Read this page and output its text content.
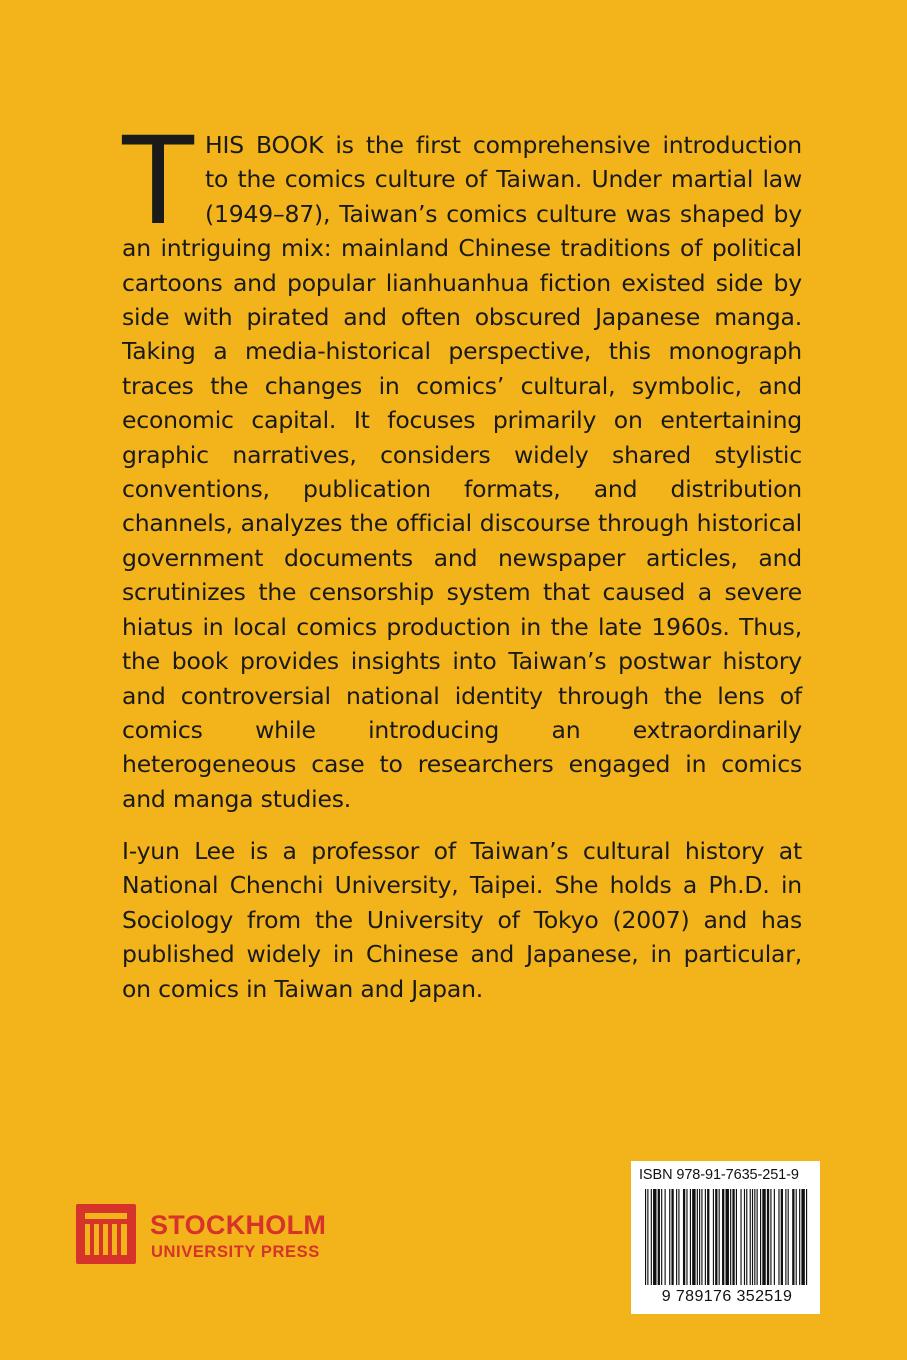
THIS BOOK is the first comprehensive introduction to the comics culture of Taiwan. Under martial law (1949–87), Taiwan’s comics culture was shaped by an intriguing mix: mainland Chinese traditions of political cartoons and popular lianhuanhua fiction existed side by side with pirated and often obscured Japanese manga. Taking a media-historical perspective, this monograph traces the changes in comics’ cultural, symbolic, and economic capital. It focuses primarily on entertaining graphic narratives, considers widely shared stylistic conventions, publication formats, and distribution channels, analyzes the official discourse through historical government documents and newspaper articles, and scrutinizes the censorship system that caused a severe hiatus in local comics production in the late 1960s. Thus, the book provides insights into Taiwan’s postwar history and controversial national identity through the lens of comics while introducing an extraordinarily heterogeneous case to researchers engaged in comics and manga studies.

I-yun Lee is a professor of Taiwan’s cultural history at National Chenchi University, Taipei. She holds a Ph.D. in Sociology from the University of Tokyo (2007) and has published widely in Chinese and Japanese, in particular, on comics in Taiwan and Japan.

STOCKHOLM
UNIVERSITY PRESS
ISBN 978-91-7635-251-9
9 789176 352519
